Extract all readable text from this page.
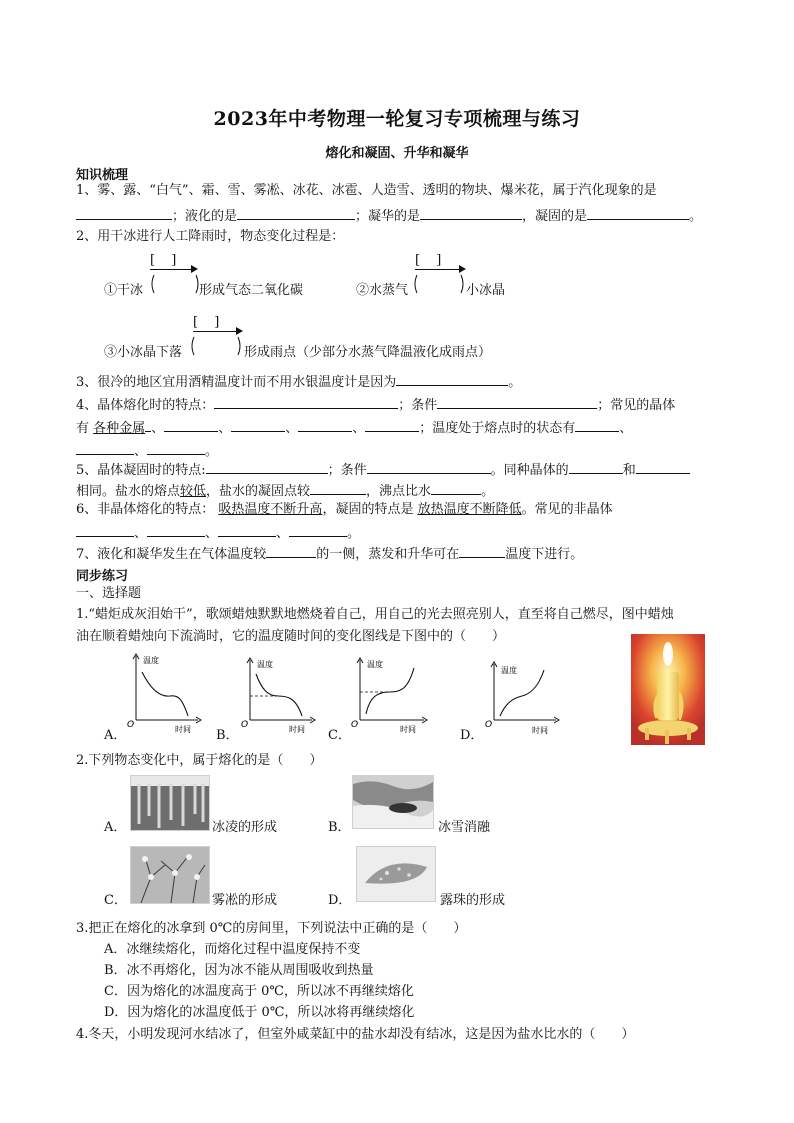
2023年中考物理一轮复习专项梳理与练习
熔化和凝固、升华和凝华
知识梳理
1、雾、露、“白气”、霜、雪、雾凇、冰花、冰雹、人造雪、透明的物块、爆米花，属于汽化现象的是
；液化的是	；凝华的是	，凝固的是	。
2、用干冰进行人工降雨时，物态变化过程是：
[ ]
①干冰	形成气态二氧化碳
[ ]
②水蒸气	小冰晶
[ ]
③小冰晶下落	形成雨点（少部分水蒸气降温液化成雨点）
3、很冷的地区宜用酒精温度计而不用水银温度计是因为	。
4、晶体熔化时的特点：	；条件	；常见的晶体
有 各种金属 、	、	、	、	；温度处于熔点时的状态有	、
、	。
5、晶体凝固时的特点:	；条件	。同种晶体的	和
相同。盐水的熔点较低，盐水的凝固点较	，沸点比水	。
6、非晶体熔化的特点： 吸热温度不断升高，凝固的特点是 放热温度不断降低。常见的非晶体
、	、	、	。
7、液化和凝华发生在气体温度较	的一侧，蒸发和升华可在	温度下进行。
同步练习
一、选择题
1.“蜡炬成灰泪始干”，歌颂蜡烛默默地燃烧着自己，用自己的光去照亮别人，直至将自己燃尽，图中蜡烛
油在顺着蜡烛向下流淌时，它的温度随时间的变化图线是下图中的（　　）
A．
温度
时间
O
B．
温度
时间
O
C．
温度
时间
O
D．
温度
时间
O
2.下列物态变化中，属于熔化的是（　　）
A．	冰凌的形成	B．	冰雪消融
C．	雾凇的形成	D．	露珠的形成
3.把正在熔化的冰拿到 0℃的房间里，下列说法中正确的是（　　）
A．冰继续熔化，而熔化过程中温度保持不变
B．冰不再熔化，因为冰不能从周围吸收到热量
C．因为熔化的冰温度高于 0℃，所以冰不再继续熔化
D．因为熔化的冰温度低于 0℃，所以冰将再继续熔化
4.冬天，小明发现河水结冰了，但室外咸菜缸中的盐水却没有结冰，这是因为盐水比水的（　　）
